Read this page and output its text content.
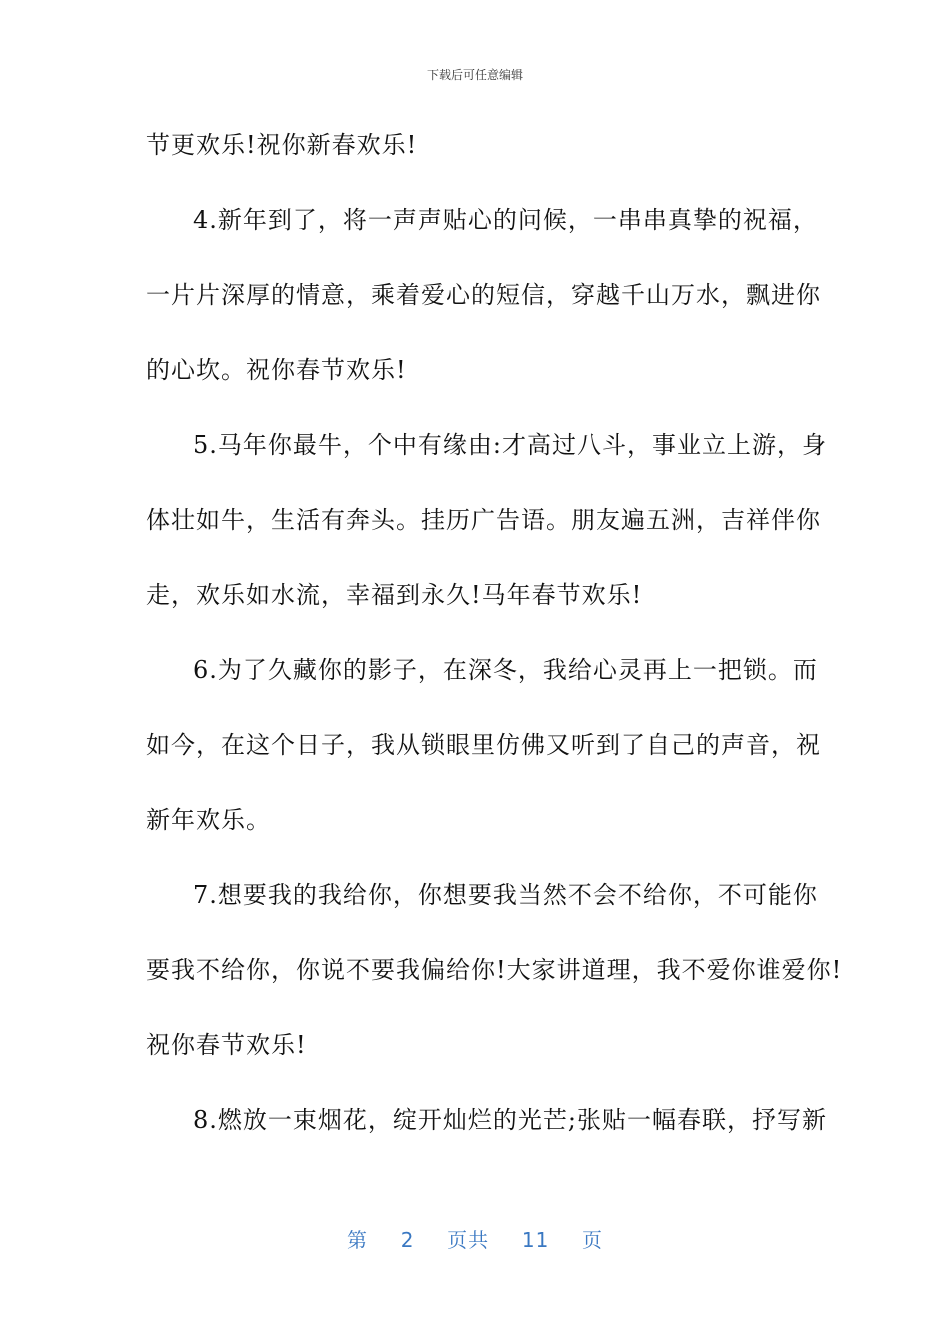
下载后可任意编辑
节更欢乐!祝你新春欢乐!
4.新年到了，将一声声贴心的问候，一串串真挚的祝福，
一片片深厚的情意，乘着爱心的短信，穿越千山万水，飘进你
的心坎。祝你春节欢乐!
5.马年你最牛，个中有缘由:才高过八斗，事业立上游，身
体壮如牛，生活有奔头。挂历广告语。朋友遍五洲，吉祥伴你
走，欢乐如水流，幸福到永久!马年春节欢乐!
6.为了久藏你的影子，在深冬，我给心灵再上一把锁。而
如今，在这个日子，我从锁眼里仿佛又听到了自己的声音，祝
新年欢乐。
7.想要我的我给你，你想要我当然不会不给你，不可能你
要我不给你，你说不要我偏给你!大家讲道理，我不爱你谁爱你!
祝你春节欢乐!
8.燃放一束烟花，绽开灿烂的光芒;张贴一幅春联，抒写新
第 2 页共 11 页
